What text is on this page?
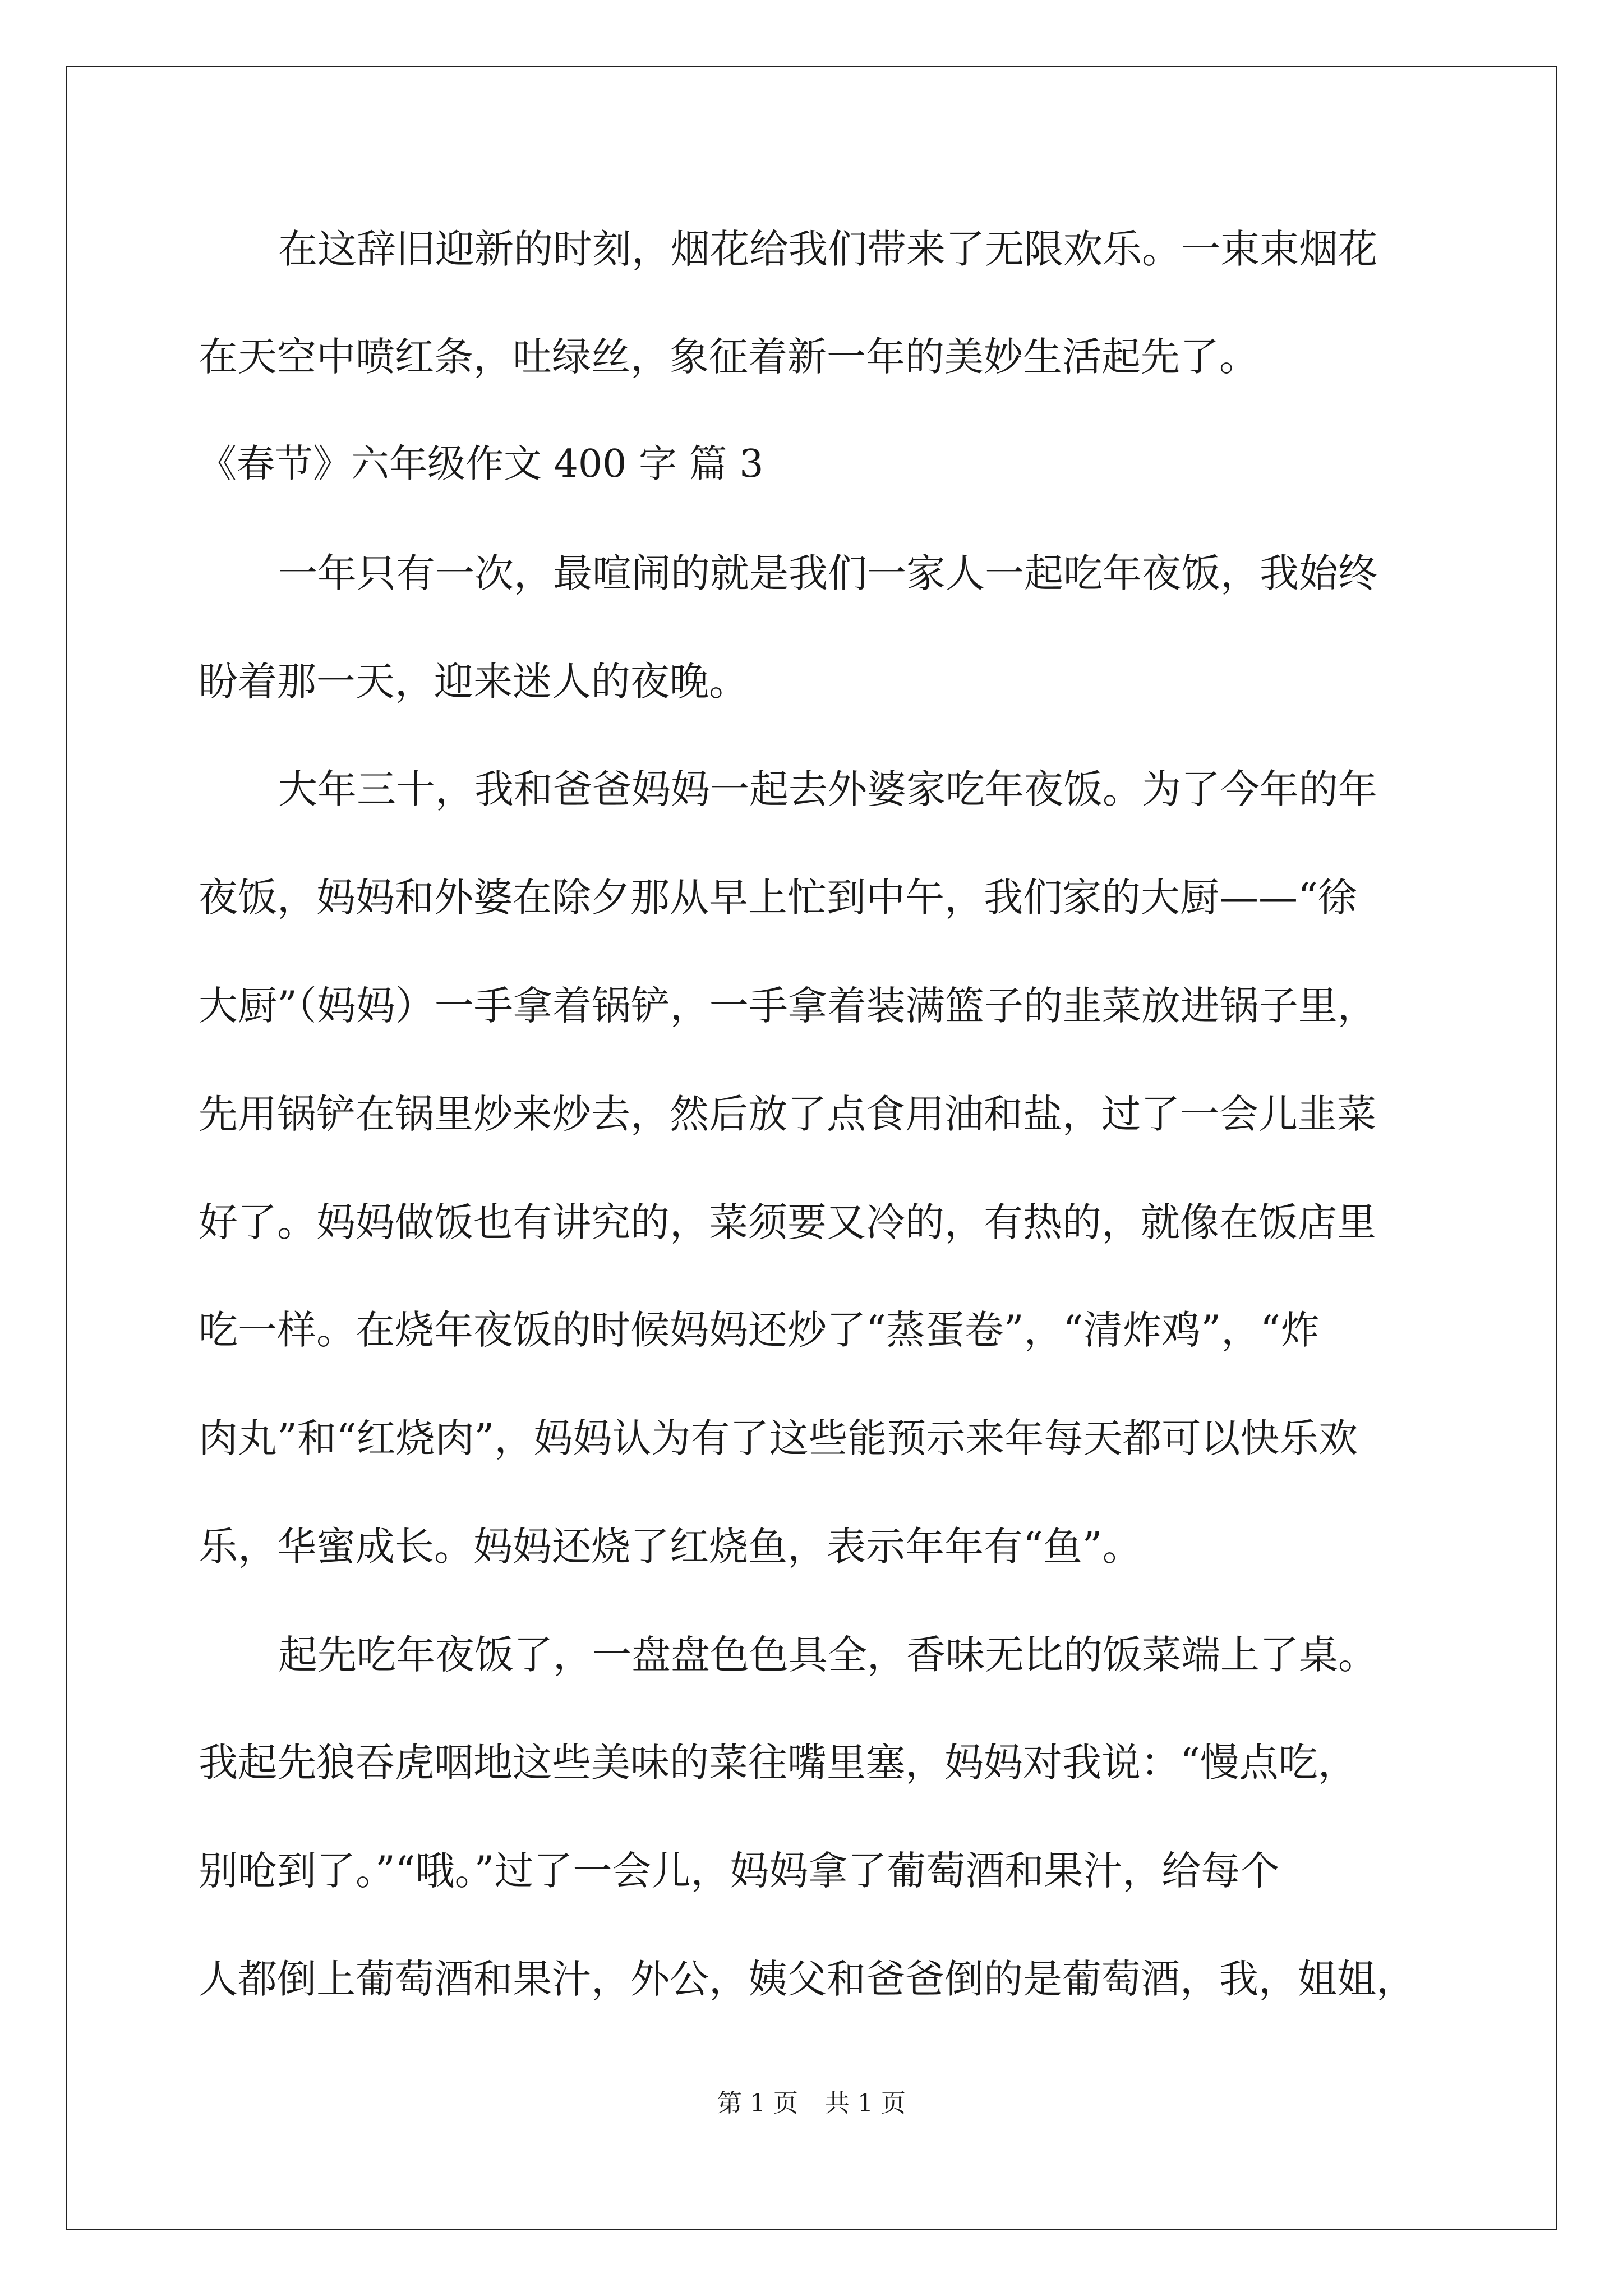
在这辞旧迎新的时刻，烟花给我们带来了无限欢乐。一束束烟花
在天空中喷红条，吐绿丝，象征着新一年的美妙生活起先了。
《春节》六年级作文 400 字 篇 3
一年只有一次，最喧闹的就是我们一家人一起吃年夜饭，我始终
盼着那一天，迎来迷人的夜晚。
大年三十，我和爸爸妈妈一起去外婆家吃年夜饭。为了今年的年
夜饭，妈妈和外婆在除夕那从早上忙到中午，我们家的大厨——“徐
大厨”（妈妈）一手拿着锅铲，一手拿着装满篮子的韭菜放进锅子里，
先用锅铲在锅里炒来炒去，然后放了点食用油和盐，过了一会儿韭菜
好了。妈妈做饭也有讲究的，菜须要又冷的，有热的，就像在饭店里
吃一样。在烧年夜饭的时候妈妈还炒了“蒸蛋卷”，“清炸鸡”，“炸
肉丸”和“红烧肉”，妈妈认为有了这些能预示来年每天都可以快乐欢
乐，华蜜成长。妈妈还烧了红烧鱼，表示年年有“鱼”。
起先吃年夜饭了，一盘盘色色具全，香味无比的饭菜端上了桌。
我起先狼吞虎咽地这些美味的菜往嘴里塞，妈妈对我说：“慢点吃，
别呛到了。”“哦。”过了一会儿，妈妈拿了葡萄酒和果汁，给每个
人都倒上葡萄酒和果汁，外公，姨父和爸爸倒的是葡萄酒，我，姐姐，
第 1 页 共 1 页
